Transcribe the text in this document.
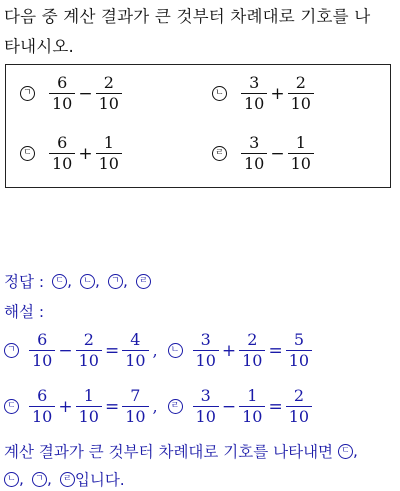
다음 중 계산 결과가 큰 것부터 차례대로 기호를 나
타내시오.
ㄱ $\frac{6}{10} - \frac{2}{10}$	ㄴ $\frac{3}{10} + \frac{2}{10}$
ㄷ $\frac{6}{10} + \frac{1}{10}$	ㄹ $\frac{3}{10} - \frac{1}{10}$
정답 :	ㄷ ,	ㄴ ,	ㄱ ,	ㄹ
해설 :
ㄱ $\frac{6}{10} - \frac{2}{10} = \frac{4}{10}$ ,	ㄴ $\frac{3}{10} + \frac{2}{10} = \frac{5}{10}$
ㄷ $\frac{6}{10} + \frac{1}{10} = \frac{7}{10}$ ,	ㄹ $\frac{3}{10} - \frac{1}{10} = \frac{2}{10}$
계산 결과가 큰 것부터 차례대로 기호를 나타내면 ㄷ ,
ㄴ ,	ㄱ ,	ㄹ 입니다.
